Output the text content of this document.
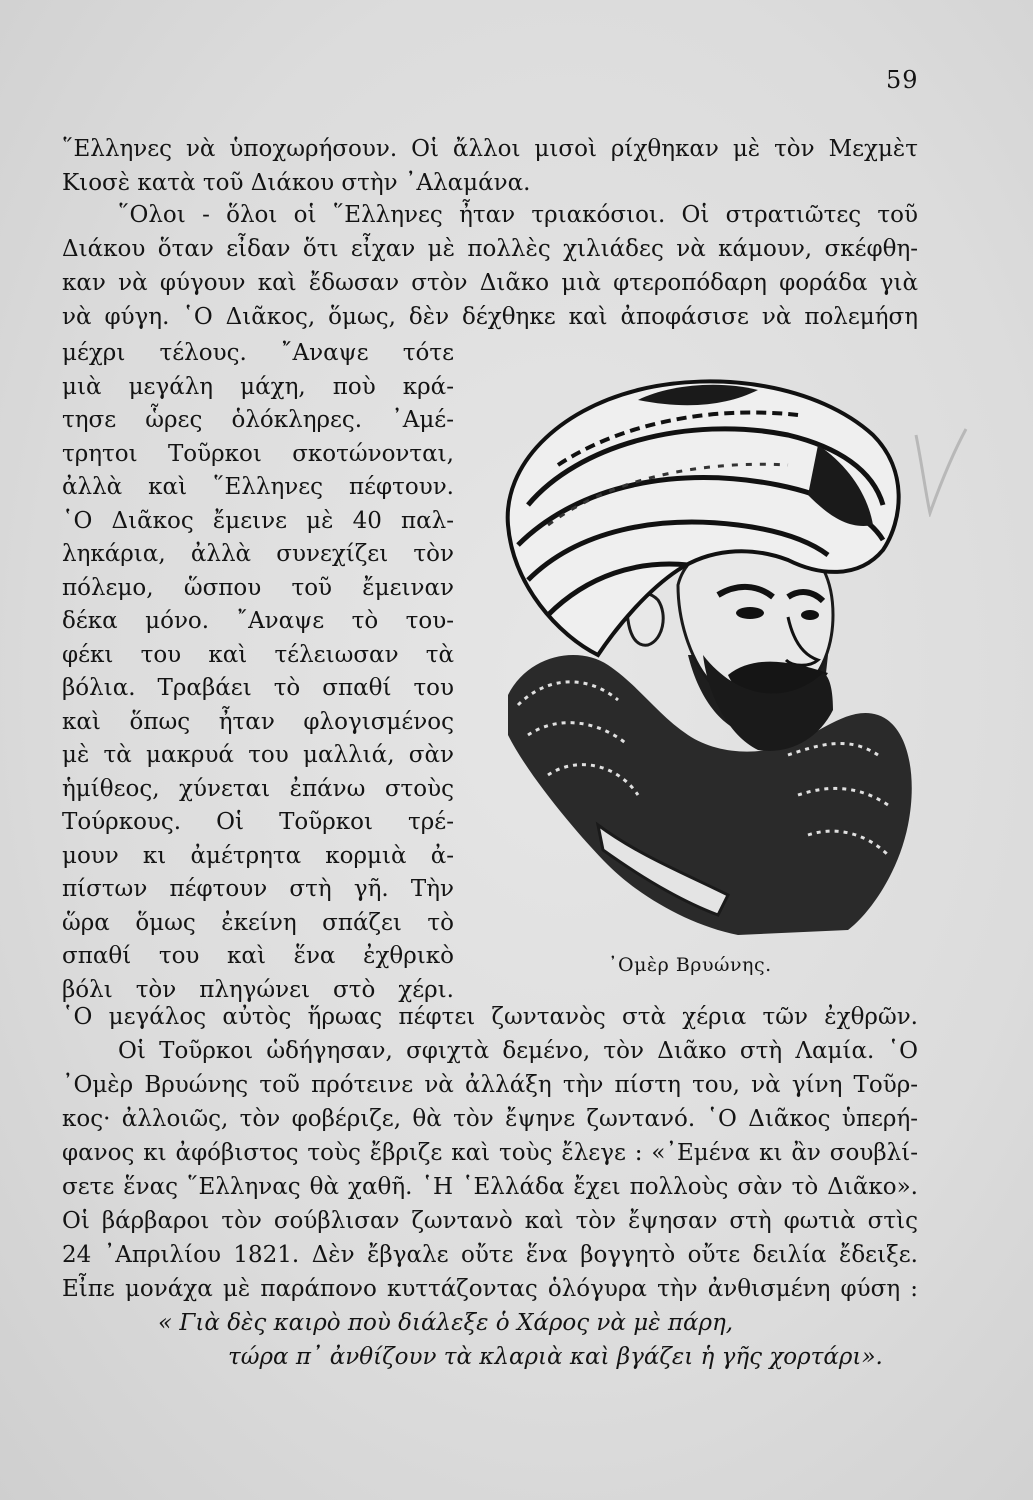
59
῞Ελληνες νὰ ὑποχωρήσουν. Οἱ ἄλλοι μισοὶ ρίχθηκαν μὲ τὸν Μεχμὲτ
Κιοσὲ κατὰ τοῦ Διάκου στὴν ᾿Αλαμάνα.
῞Ολοι - ὅλοι οἱ ῞Ελληνες ἦταν τριακόσιοι. Οἱ στρατιῶτες τοῦ
Διάκου ὅταν εἶδαν ὅτι εἶχαν μὲ πολλὲς χιλιάδες νὰ κάμουν, σκέφθη-
καν νὰ φύγουν καὶ ἔδωσαν στὸν Διᾶκο μιὰ φτεροπόδαρη φοράδα γιὰ
νὰ φύγη. ῾Ο Διᾶκος, ὅμως, δὲν δέχθηκε καὶ ἀποφάσισε νὰ πολεμήση
μέχρι τέλους. ῎Αναψε τότε
μιὰ μεγάλη μάχη, ποὺ κρά-
τησε ὧρες ὁλόκληρες. ᾿Αμέ-
τρητοι Τοῦρκοι σκοτώνονται,
ἀλλὰ καὶ ῞Ελληνες πέφτουν.
῾Ο Διᾶκος ἔμεινε μὲ 40 παλ-
ληκάρια, ἀλλὰ συνεχίζει τὸν
πόλεμο, ὥσπου τοῦ ἔμειναν
δέκα μόνο. ῎Αναψε τὸ του-
φέκι του καὶ τέλειωσαν τὰ
βόλια. Τραβάει τὸ σπαθί του
καὶ ὅπως ἦταν φλογισμένος
μὲ τὰ μακρυά του μαλλιά, σὰν
ἡμίθεος, χύνεται ἐπάνω στοὺς
Τούρκους. Οἱ Τοῦρκοι τρέ-
μουν κι ἀμέτρητα κορμιὰ ἀ-
πίστων πέφτουν στὴ γῆ. Τὴν
ὥρα ὅμως ἐκείνη σπάζει τὸ
σπαθί του καὶ ἕνα ἐχθρικὸ
βόλι τὸν πληγώνει στὸ χέρι.
᾿Ομὲρ Βρυώνης.
῾Ο μεγάλος αὐτὸς ἥρωας πέφτει ζωντανὸς στὰ χέρια τῶν ἐχθρῶν.
Οἱ Τοῦρκοι ὡδήγησαν, σφιχτὰ δεμένο, τὸν Διᾶκο στὴ Λαμία. ῾Ο
᾿Ομὲρ Βρυώνης τοῦ πρότεινε νὰ ἀλλάξη τὴν πίστη του, νὰ γίνη Τοῦρ-
κος· ἀλλοιῶς, τὸν φοβέριζε, θὰ τὸν ἔψηνε ζωντανό. ῾Ο Διᾶκος ὑπερή-
φανος κι ἀφόβιστος τοὺς ἔβριζε καὶ τοὺς ἔλεγε : «᾿Εμένα κι ἂν σουβλί-
σετε ἕνας ῞Ελληνας θὰ χαθῆ. ῾Η ῾Ελλάδα ἔχει πολλοὺς σὰν τὸ Διᾶκο».
Οἱ βάρβαροι τὸν σούβλισαν ζωντανὸ καὶ τὸν ἔψησαν στὴ φωτιὰ στὶς
24 ᾿Απριλίου 1821. Δὲν ἔβγαλε οὔτε ἕνα βογγητὸ οὔτε δειλία ἔδειξε.
Εἶπε μονάχα μὲ παράπονο κυττάζοντας ὁλόγυρα τὴν ἀνθισμένη φύση :
« Γιὰ δὲς καιρὸ ποὺ διάλεξε ὁ Χάρος νὰ μὲ πάρη,
τώρα π᾿ ἀνθίζουν τὰ κλαριὰ καὶ βγάζει ἡ γῆς χορτάρι».
